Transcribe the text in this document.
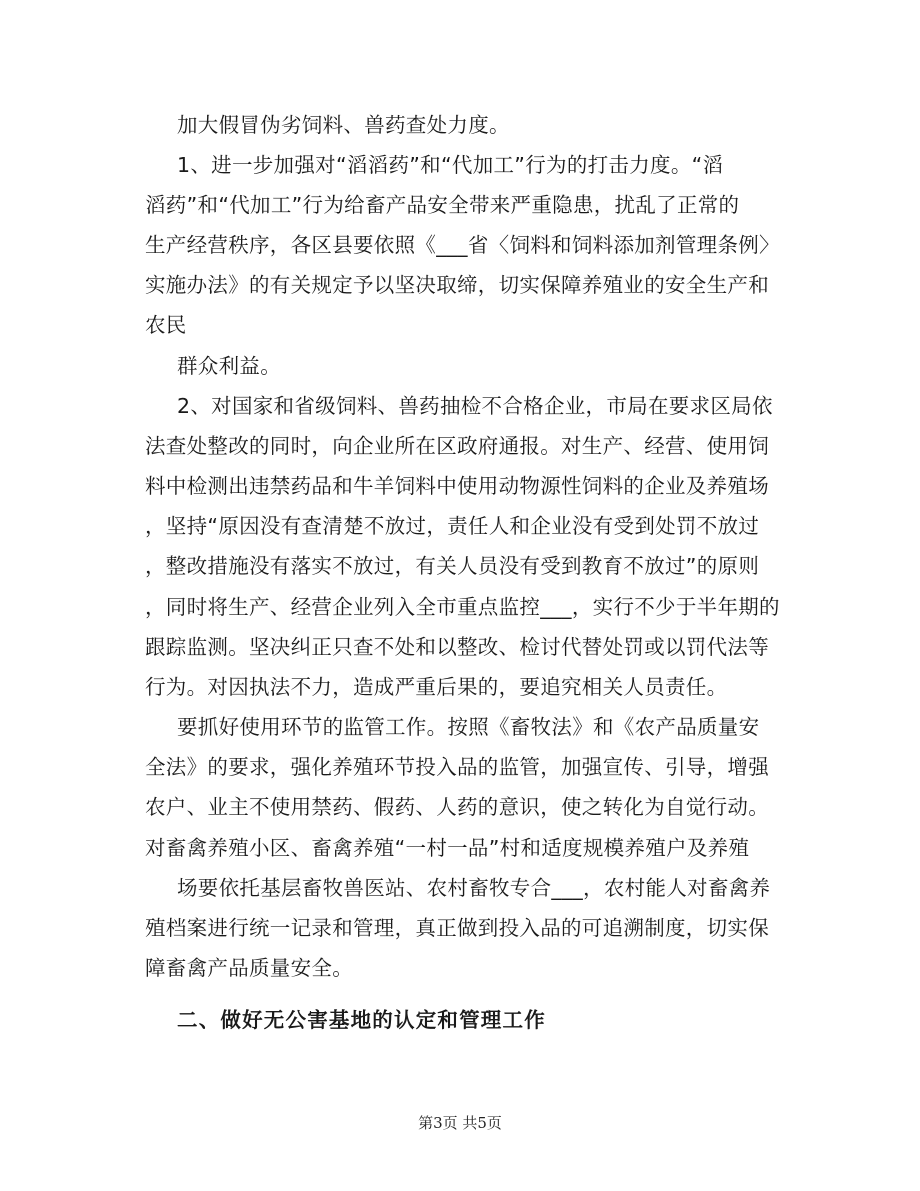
加大假冒伪劣饲料、兽药查处力度。
1、进一步加强对“滔滔药”和“代加工”行为的打击力度。“滔
滔药”和“代加工”行为给畜产品安全带来严重隐患，扰乱了正常的
生产经营秩序，各区县要依照《___省〈饲料和饲料添加剂管理条例〉
实施办法》的有关规定予以坚决取缔，切实保障养殖业的安全生产和
农民
群众利益。
2、对国家和省级饲料、兽药抽检不合格企业，市局在要求区局依
法查处整改的同时，向企业所在区政府通报。对生产、经营、使用饲
料中检测出违禁药品和牛羊饲料中使用动物源性饲料的企业及养殖场
，坚持“原因没有查清楚不放过，责任人和企业没有受到处罚不放过
，整改措施没有落实不放过，有关人员没有受到教育不放过”的原则
，同时将生产、经营企业列入全市重点监控___，实行不少于半年期的
跟踪监测。坚决纠正只查不处和以整改、检讨代替处罚或以罚代法等
行为。对因执法不力，造成严重后果的，要追究相关人员责任。
要抓好使用环节的监管工作。按照《畜牧法》和《农产品质量安
全法》的要求，强化养殖环节投入品的监管，加强宣传、引导，增强
农户、业主不使用禁药、假药、人药的意识，使之转化为自觉行动。
对畜禽养殖小区、畜禽养殖“一村一品”村和适度规模养殖户及养殖
场要依托基层畜牧兽医站、农村畜牧专合___，农村能人对畜禽养
殖档案进行统一记录和管理，真正做到投入品的可追溯制度，切实保
障畜禽产品质量安全。
二、做好无公害基地的认定和管理工作
第3页 共5页
